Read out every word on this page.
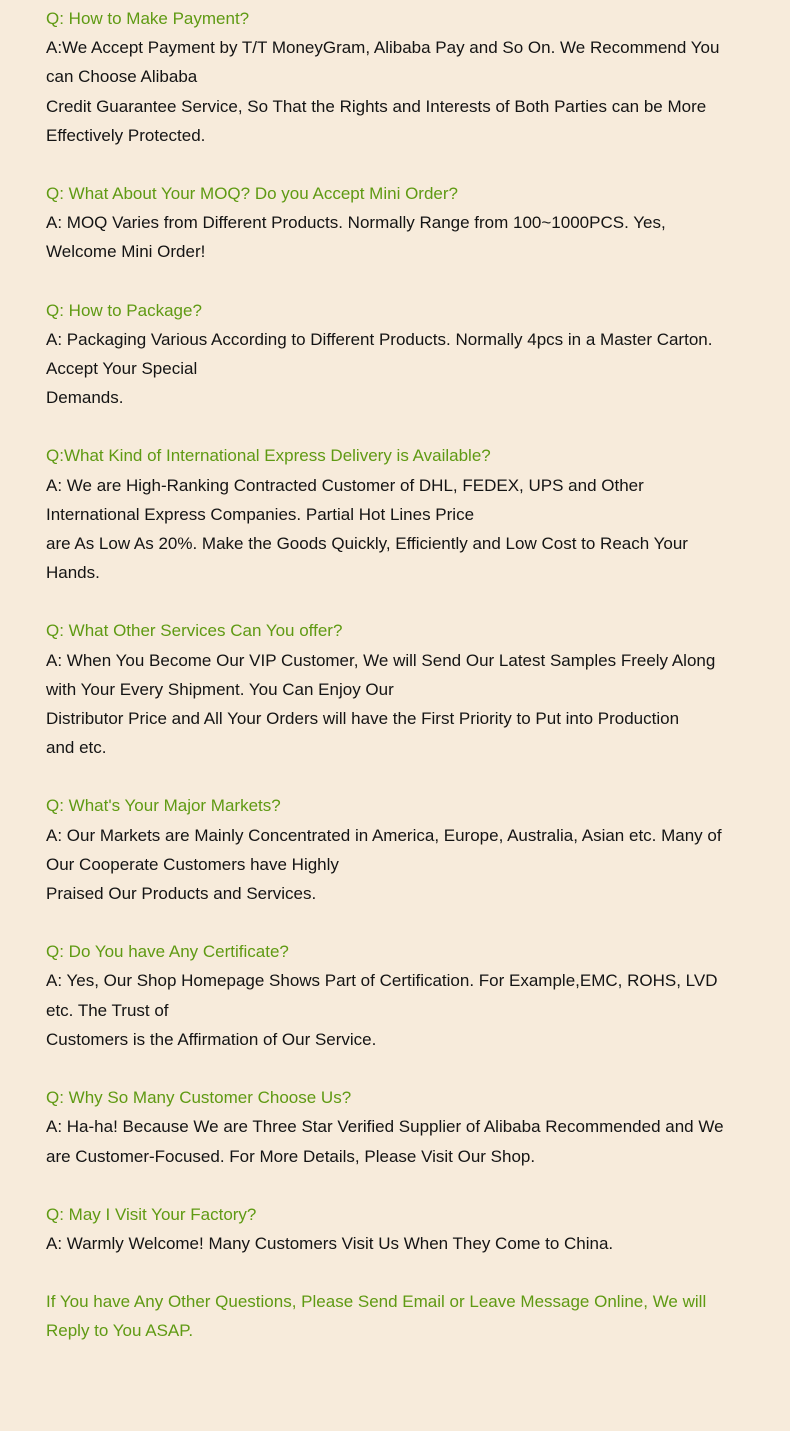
Q: How to Make Payment?
A:We Accept Payment by T/T MoneyGram, Alibaba Pay and So On. We Recommend You
can Choose Alibaba
Credit Guarantee Service, So That the Rights and Interests of Both Parties can be More
Effectively Protected.
Q: What About Your MOQ? Do you Accept Mini Order?
A: MOQ Varies from Different Products. Normally Range from 100~1000PCS. Yes,
Welcome Mini Order!
Q: How to Package?
A: Packaging Various According to Different Products. Normally 4pcs in a Master Carton.
Accept Your Special
Demands.
Q:What Kind of International Express Delivery is Available?
A: We are High-Ranking Contracted Customer of DHL, FEDEX, UPS and Other
International Express Companies. Partial Hot Lines Price
are As Low As 20%. Make the Goods Quickly, Efficiently and Low Cost to Reach Your
Hands.
Q: What Other Services Can You offer?
A: When You Become Our VIP Customer, We will Send Our Latest Samples Freely Along
with Your Every Shipment. You Can Enjoy Our
Distributor Price and All Your Orders will have the First Priority to Put into Production
and etc.
Q: What's Your Major Markets?
A: Our Markets are Mainly Concentrated in America, Europe, Australia, Asian etc. Many of
Our Cooperate Customers have Highly
Praised Our Products and Services.
Q: Do You have Any Certificate?
A: Yes, Our Shop Homepage Shows Part of Certification. For Example,EMC, ROHS, LVD
etc. The Trust of
Customers is the Affirmation of Our Service.
Q: Why So Many Customer Choose Us?
A: Ha-ha! Because We are Three Star Verified Supplier of Alibaba Recommended and We
are Customer-Focused. For More Details, Please Visit Our Shop.
Q: May I Visit Your Factory?
A: Warmly Welcome! Many Customers Visit Us When They Come to China.
If You have Any Other Questions, Please Send Email or Leave Message Online, We will
Reply to You ASAP.
